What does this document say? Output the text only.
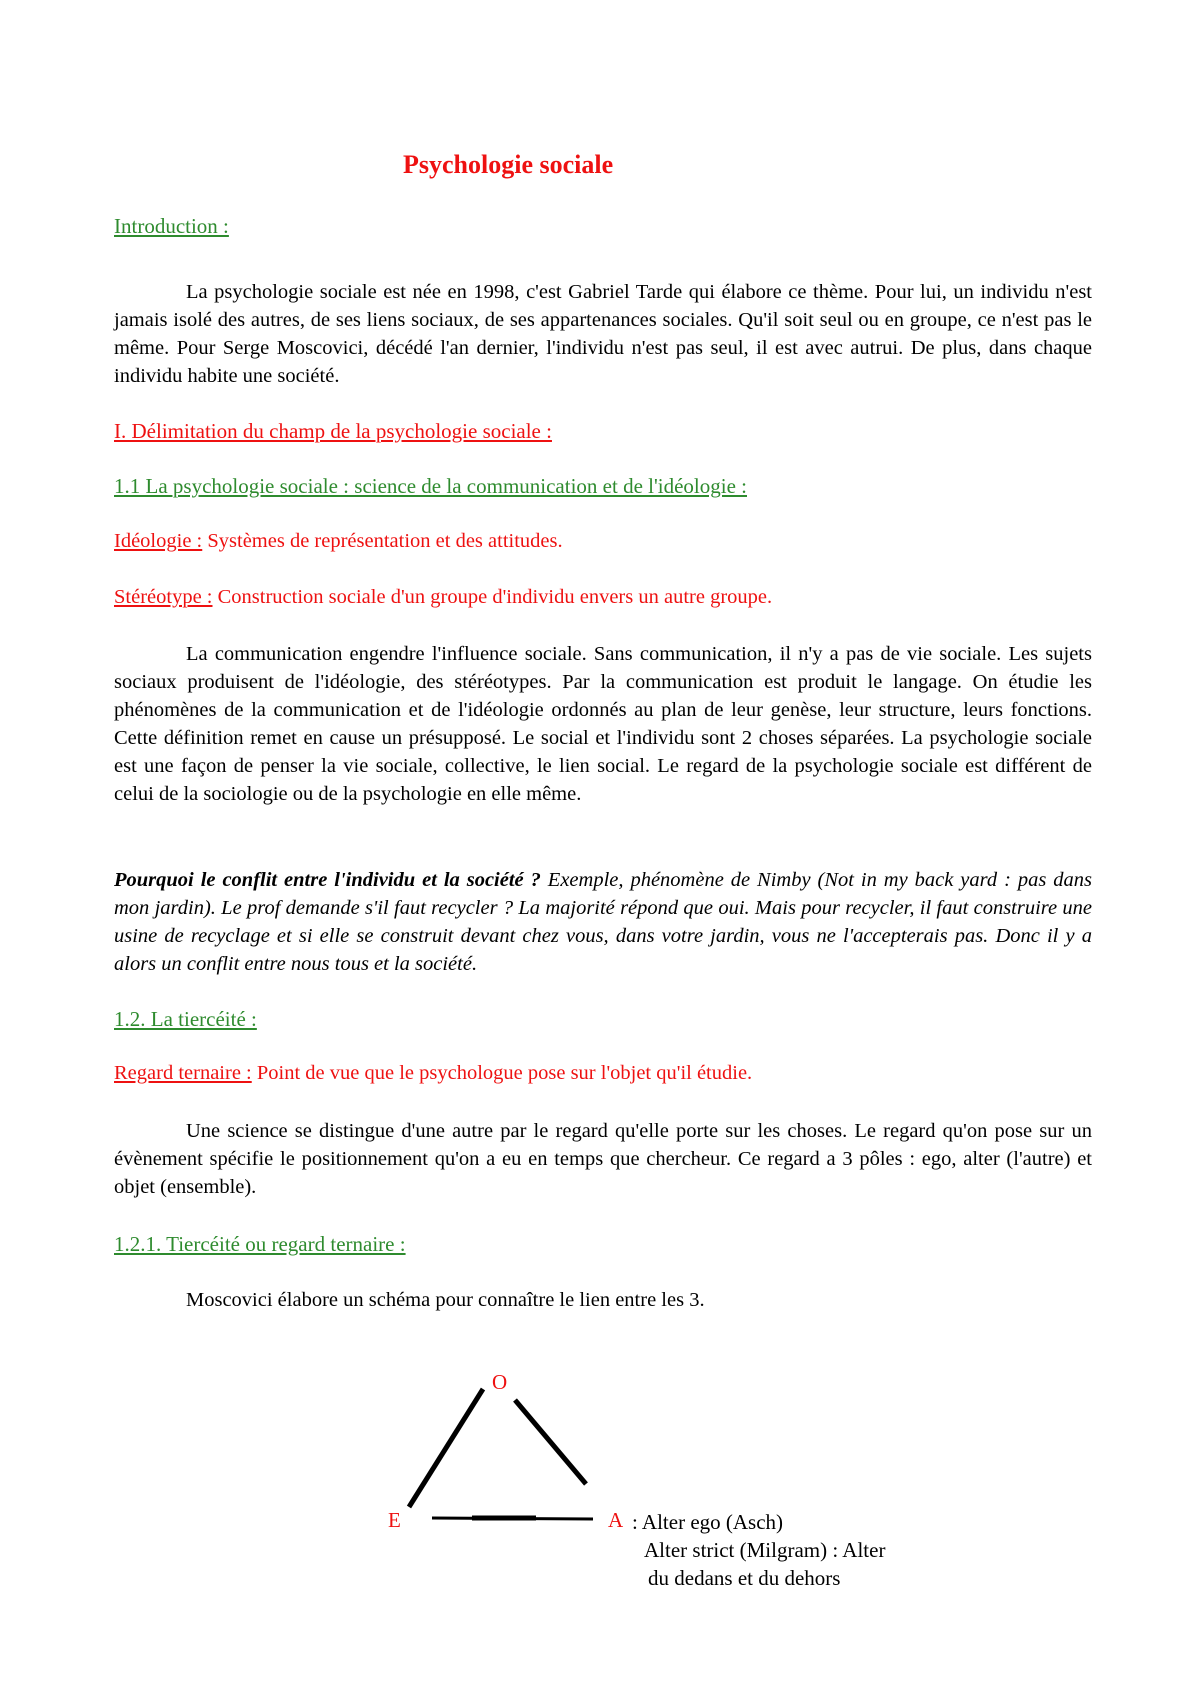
Psychologie sociale

Introduction :

La psychologie sociale est née en 1998, c'est Gabriel Tarde qui élabore ce thème. Pour lui, un individu n'est jamais isolé des autres, de ses liens sociaux, de ses appartenances sociales. Qu'il soit seul ou en groupe, ce n'est pas le même. Pour Serge Moscovici, décédé l'an dernier, l'individu n'est pas seul, il est avec autrui. De plus, dans chaque individu habite une société.

I. Délimitation du champ de la psychologie sociale :

1.1 La psychologie sociale : science de la communication et de l'idéologie :

Idéologie : Systèmes de représentation et des attitudes.

Stéréotype : Construction sociale d'un groupe d'individu envers un autre groupe.

La communication engendre l'influence sociale. Sans communication, il n'y a pas de vie sociale. Les sujets sociaux produisent de l'idéologie, des stéréotypes. Par la communication est produit le langage. On étudie les phénomènes de la communication et de l'idéologie ordonnés au plan de leur genèse, leur structure, leurs fonctions. Cette définition remet en cause un présupposé. Le social et l'individu sont 2 choses séparées. La psychologie sociale est une façon de penser la vie sociale, collective, le lien social. Le regard de la psychologie sociale est différent de celui de la sociologie ou de la psychologie en elle même.

Pourquoi le conflit entre l'individu et la société ? Exemple, phénomène de Nimby (Not in my back yard : pas dans mon jardin). Le prof demande s'il faut recycler ? La majorité répond que oui. Mais pour recycler, il faut construire une usine de recyclage et si elle se construit devant chez vous, dans votre jardin, vous ne l'accepterais pas. Donc il y a alors un conflit entre nous tous et la société.

1.2. La tiercéité :

Regard ternaire : Point de vue que le psychologue pose sur l'objet qu'il étudie.

Une science se distingue d'une autre par le regard qu'elle porte sur les choses. Le regard qu'on pose sur un évènement spécifie le positionnement qu'on a eu en temps que chercheur. Ce regard a 3 pôles : ego, alter (l'autre) et objet (ensemble).

1.2.1. Tiercéité ou regard ternaire :

Moscovici élabore un schéma pour connaître le lien entre les 3.

O

E	A : Alter ego (Asch)

Alter strict (Milgram) : Alter

du dedans et du dehors
